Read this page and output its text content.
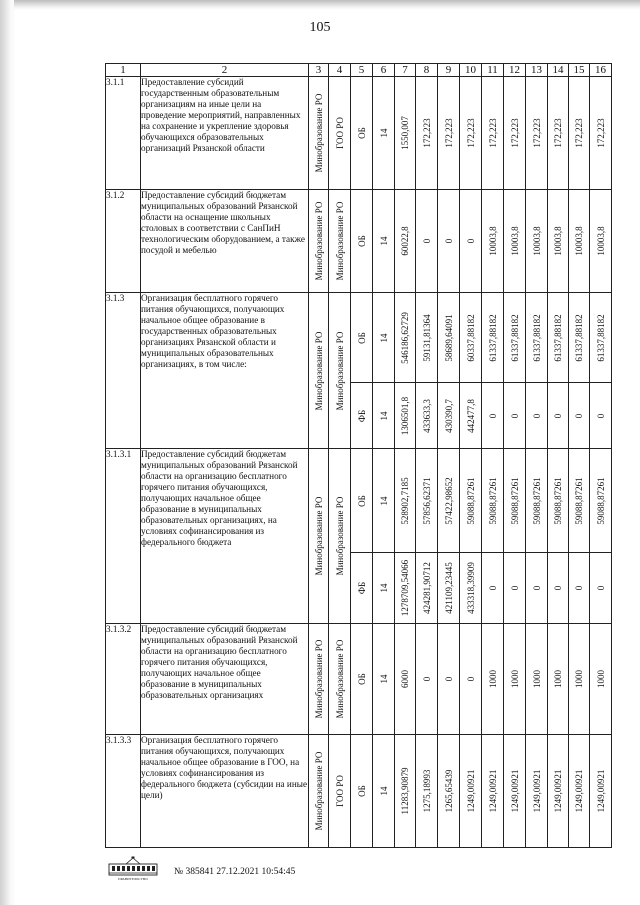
105
1	2	3	4	5	6	7	8	9	10	11	12	13	14	15	16
3.1.1	Предоставление субсидий государственным образовательным организациям на иные цели на проведение мероприятий, направленных на сохранение и укрепление здоровья обучающихся образовательных организаций Рязанской области	Минобразование РО	ГОО РО	ОБ	14	1550,007	172,223	172,223	172,223	172,223	172,223	172,223	172,223	172,223	172,223

3.1.2	Предоставление субсидий бюджетам муниципальных образований Рязанской области на оснащение школьных столовых в соответствии с СанПиН технологическим оборудованием, а также посудой и мебелью	Минобразование РО	Минобразование РО	ОБ	14	60022,8	0	0	0	10003,8	10003,8	10003,8	10003,8	10003,8	10003,8

3.1.3	Организация бесплатного горячего питания обучающихся, получающих начальное общее образование в государственных образовательных организациях Рязанской области и муниципальных образовательных организациях, в том числе:	Минобразование РО	Минобразование РО	ОБ	14	546186,62729	59131,81364	58689,64091	60337,88182	61337,88182	61337,88182	61337,88182	61337,88182	61337,88182	61337,88182

				ФБ	14	1306501,8	433633,3	430390,7	442477,8	0	0	0	0	0	0

3.1.3.1	Предоставление субсидий бюджетам муниципальных образований Рязанской области на организацию бесплатного горячего питания обучающихся, получающих начальное общее образование в муниципальных образовательных организациях, на условиях софинансирования из федерального бюджета	Минобразование РО	Минобразование РО	ОБ	14	528902,7185	57856,62371	57422,98652	59088,87261	59088,87261	59088,87261	59088,87261	59088,87261	59088,87261	59088,87261

				ФБ	14	1278709,54066	424281,90712	421109,23445	433318,39909	0	0	0	0	0	0

3.1.3.2	Предоставление субсидий бюджетам муниципальных образований Рязанской области на организацию бесплатного горячего питания обучающихся, получающих начальное общее образование в муниципальных образовательных организациях	Минобразование РО	Минобразование РО	ОБ	14	6000	0	0	0	1000	1000	1000	1000	1000	1000

3.1.3.3	Организация бесплатного горячего питания обучающихся, получающих начальное общее образование в ГОО, на условиях софинансирования из федерального бюджета (субсидии на иные цели)	Минобразование РО	ГОО РО	ОБ	14	11283,90879	1275,18993	1265,65439	1249,00921	1249,00921	1249,00921	1249,00921	1249,00921	1249,00921	1249,00921
ПРАВИТЕЛЬСТВО
№ 385841 27.12.2021 10:54:45
